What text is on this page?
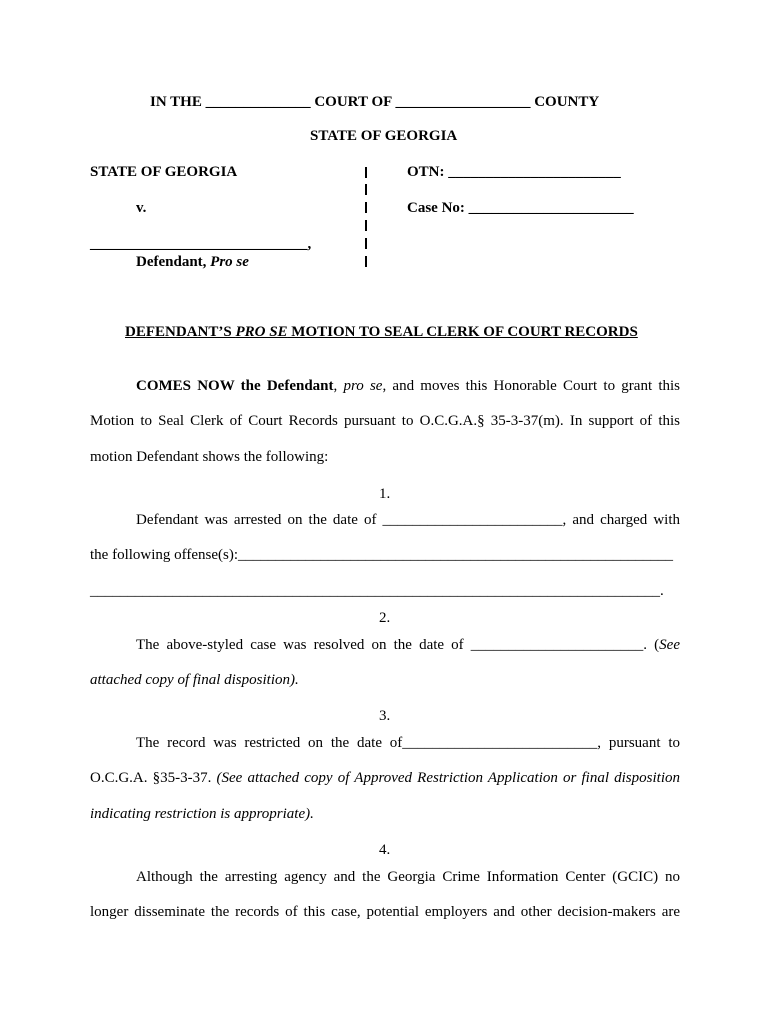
IN THE ______________ COURT OF __________________ COUNTY
STATE OF GEORGIA
STATE OF GEORGIA
v.
_____________________________,
Defendant, Pro se
OTN: _______________________
Case No: ______________________
DEFENDANT’S PRO SE MOTION TO SEAL CLERK OF COURT RECORDS
COMES NOW the Defendant, pro se, and moves this Honorable Court to grant this
Motion to Seal Clerk of Court Records pursuant to O.C.G.A.§ 35-3-37(m). In support of this
motion Defendant shows the following:
1.
Defendant was arrested on the date of ________________________, and charged with
the following offense(s):__________________________________________________________
____________________________________________________________________________.
2.
The above-styled case was resolved on the date of _______________________. (See
attached copy of final disposition).
3.
The record was restricted on the date of__________________________, pursuant to
O.C.G.A. §35-3-37. (See attached copy of Approved Restriction Application or final disposition
indicating restriction is appropriate).
4.
Although the arresting agency and the Georgia Crime Information Center (GCIC) no
longer disseminate the records of this case, potential employers and other decision-makers are
